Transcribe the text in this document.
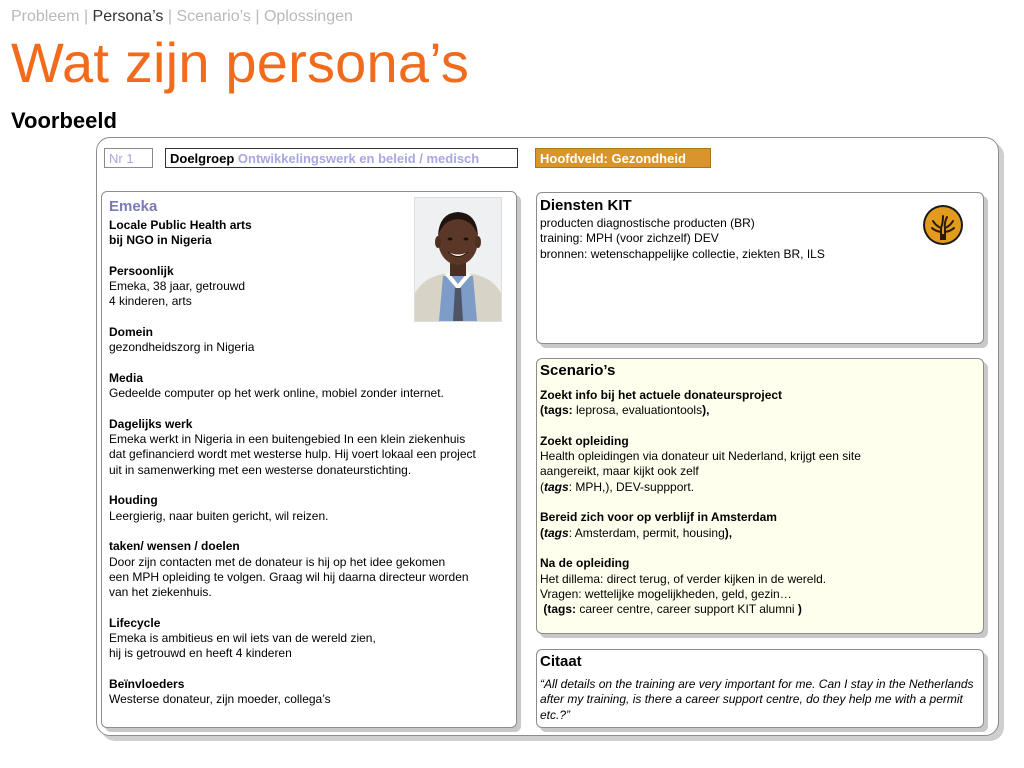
Probleem | Persona’s | Scenario’s | Oplossingen
Wat zijn persona’s
Voorbeeld
Nr 1	Doelgroep Ontwikkelingswerk en beleid / medisch	Hoofdveld: Gezondheid
Emeka

Locale Public Health arts

bij NGO in Nigeria

Persoonlijk

Emeka, 38 jaar, getrouwd

4 kinderen, arts

Domein

gezondheidszorg in Nigeria

Media

Gedeelde computer op het werk online, mobiel zonder internet.

Dagelijks werk

Emeka werkt in Nigeria in een buitengebied In een klein ziekenhuis

dat gefinancierd wordt met westerse hulp. Hij voert lokaal een project

uit in samenwerking met een westerse donateurstichting.

Houding

Leergierig, naar buiten gericht, wil reizen.

taken/ wensen / doelen

Door zijn contacten met de donateur is hij op het idee gekomen

een MPH opleiding te volgen. Graag wil hij daarna directeur worden

van het ziekenhuis.

Lifecycle

Emeka is ambitieus en wil iets van de wereld zien,

hij is getrouwd en heeft 4 kinderen

Beïnvloeders

Westerse donateur, zijn moeder, collega’s

Diensten KIT

producten diagnostische producten (BR)

training: MPH (voor zichzelf) DEV

bronnen: wetenschappelijke collectie, ziekten BR, ILS

Scenario’s

Zoekt info bij het actuele donateursproject

(tags: leprosa, evaluationtools),

Zoekt opleiding

Health opleidingen via donateur uit Nederland, krijgt een site

aangereikt, maar kijkt ook zelf

(tags: MPH,), DEV-suppport.

Bereid zich voor op verblijf in Amsterdam

(tags: Amsterdam, permit, housing),

Na de opleiding

Het dillema: direct terug, of verder kijken in de wereld.

Vragen: wettelijke mogelijkheden, geld, gezin…

(tags: career centre, career support KIT alumni )

Citaat

“All details on the training are very important for me. Can I stay in the Netherlands after my training, is there a career support centre, do they help me with a permit etc.?”
